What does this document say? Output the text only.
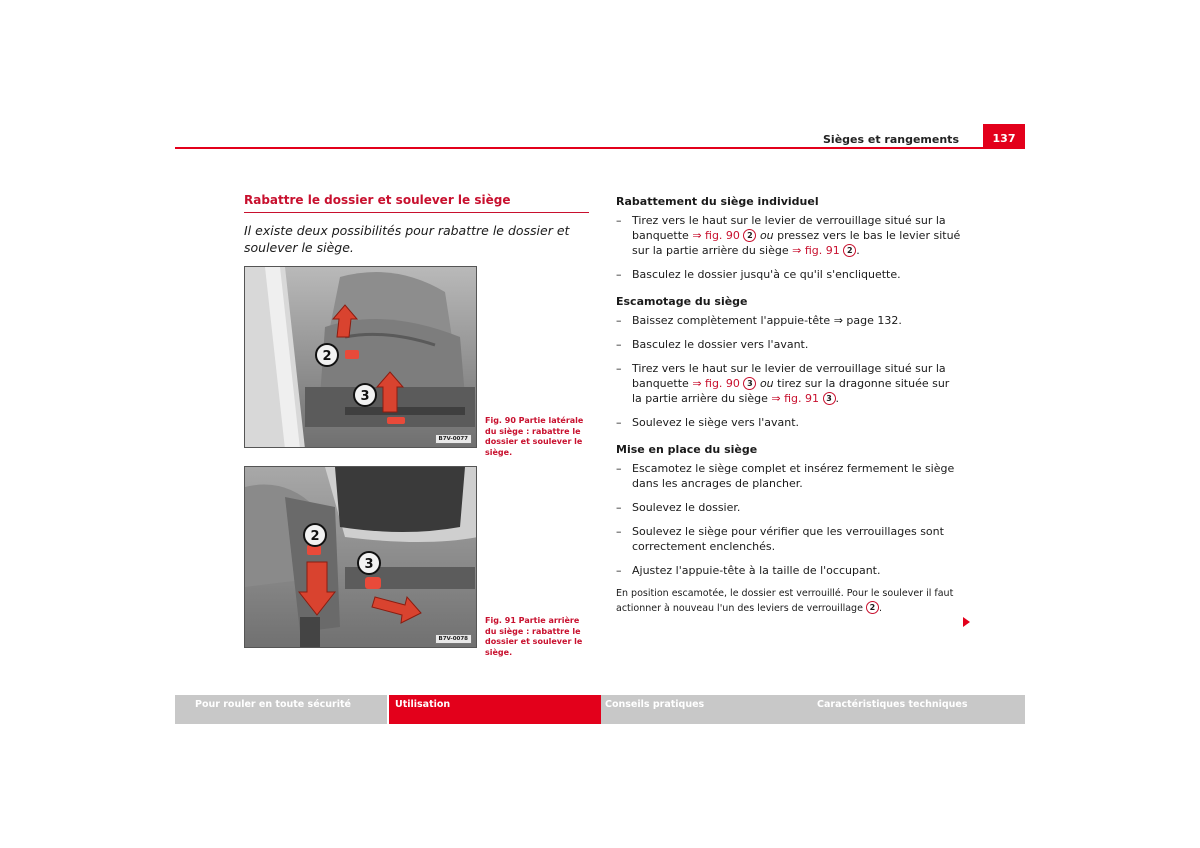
Sièges et rangements	137
Rabattre le dossier et soulever le siège
Il existe deux possibilités pour rabattre le dossier et soulever le siège.
2
3
B7V-0077
Fig. 90 Partie latérale du siège : rabattre le dossier et soulever le siège.
2
3
B7V-0078
Fig. 91 Partie arrière du siège : rabattre le dossier et soulever le siège.
Rabattement du siège individuel
– Tirez vers le haut sur le levier de verrouillage situé sur la banquette ⇒ fig. 90 2 ou pressez vers le bas le levier situé sur la partie arrière du siège ⇒ fig. 91 2 .
– Basculez le dossier jusqu'à ce qu'il s'encliquette.
Escamotage du siège
– Baissez complètement l'appuie-tête ⇒ page 132.
– Basculez le dossier vers l'avant.
– Tirez vers le haut sur le levier de verrouillage situé sur la banquette ⇒ fig. 90 3 ou tirez sur la dragonne située sur la partie arrière du siège ⇒ fig. 91 3 .
– Soulevez le siège vers l'avant.
Mise en place du siège
– Escamotez le siège complet et insérez fermement le siège dans les ancrages de plancher.
– Soulevez le dossier.
– Soulevez le siège pour vérifier que les verrouillages sont correctement enclenchés.
– Ajustez l'appuie-tête à la taille de l'occupant.
En position escamotée, le dossier est verrouillé. Pour le soulever il faut actionner à nouveau l'un des leviers de verrouillage 2 .
Pour rouler en toute sécurité	Utilisation	Conseils pratiques	Caractéristiques techniques
